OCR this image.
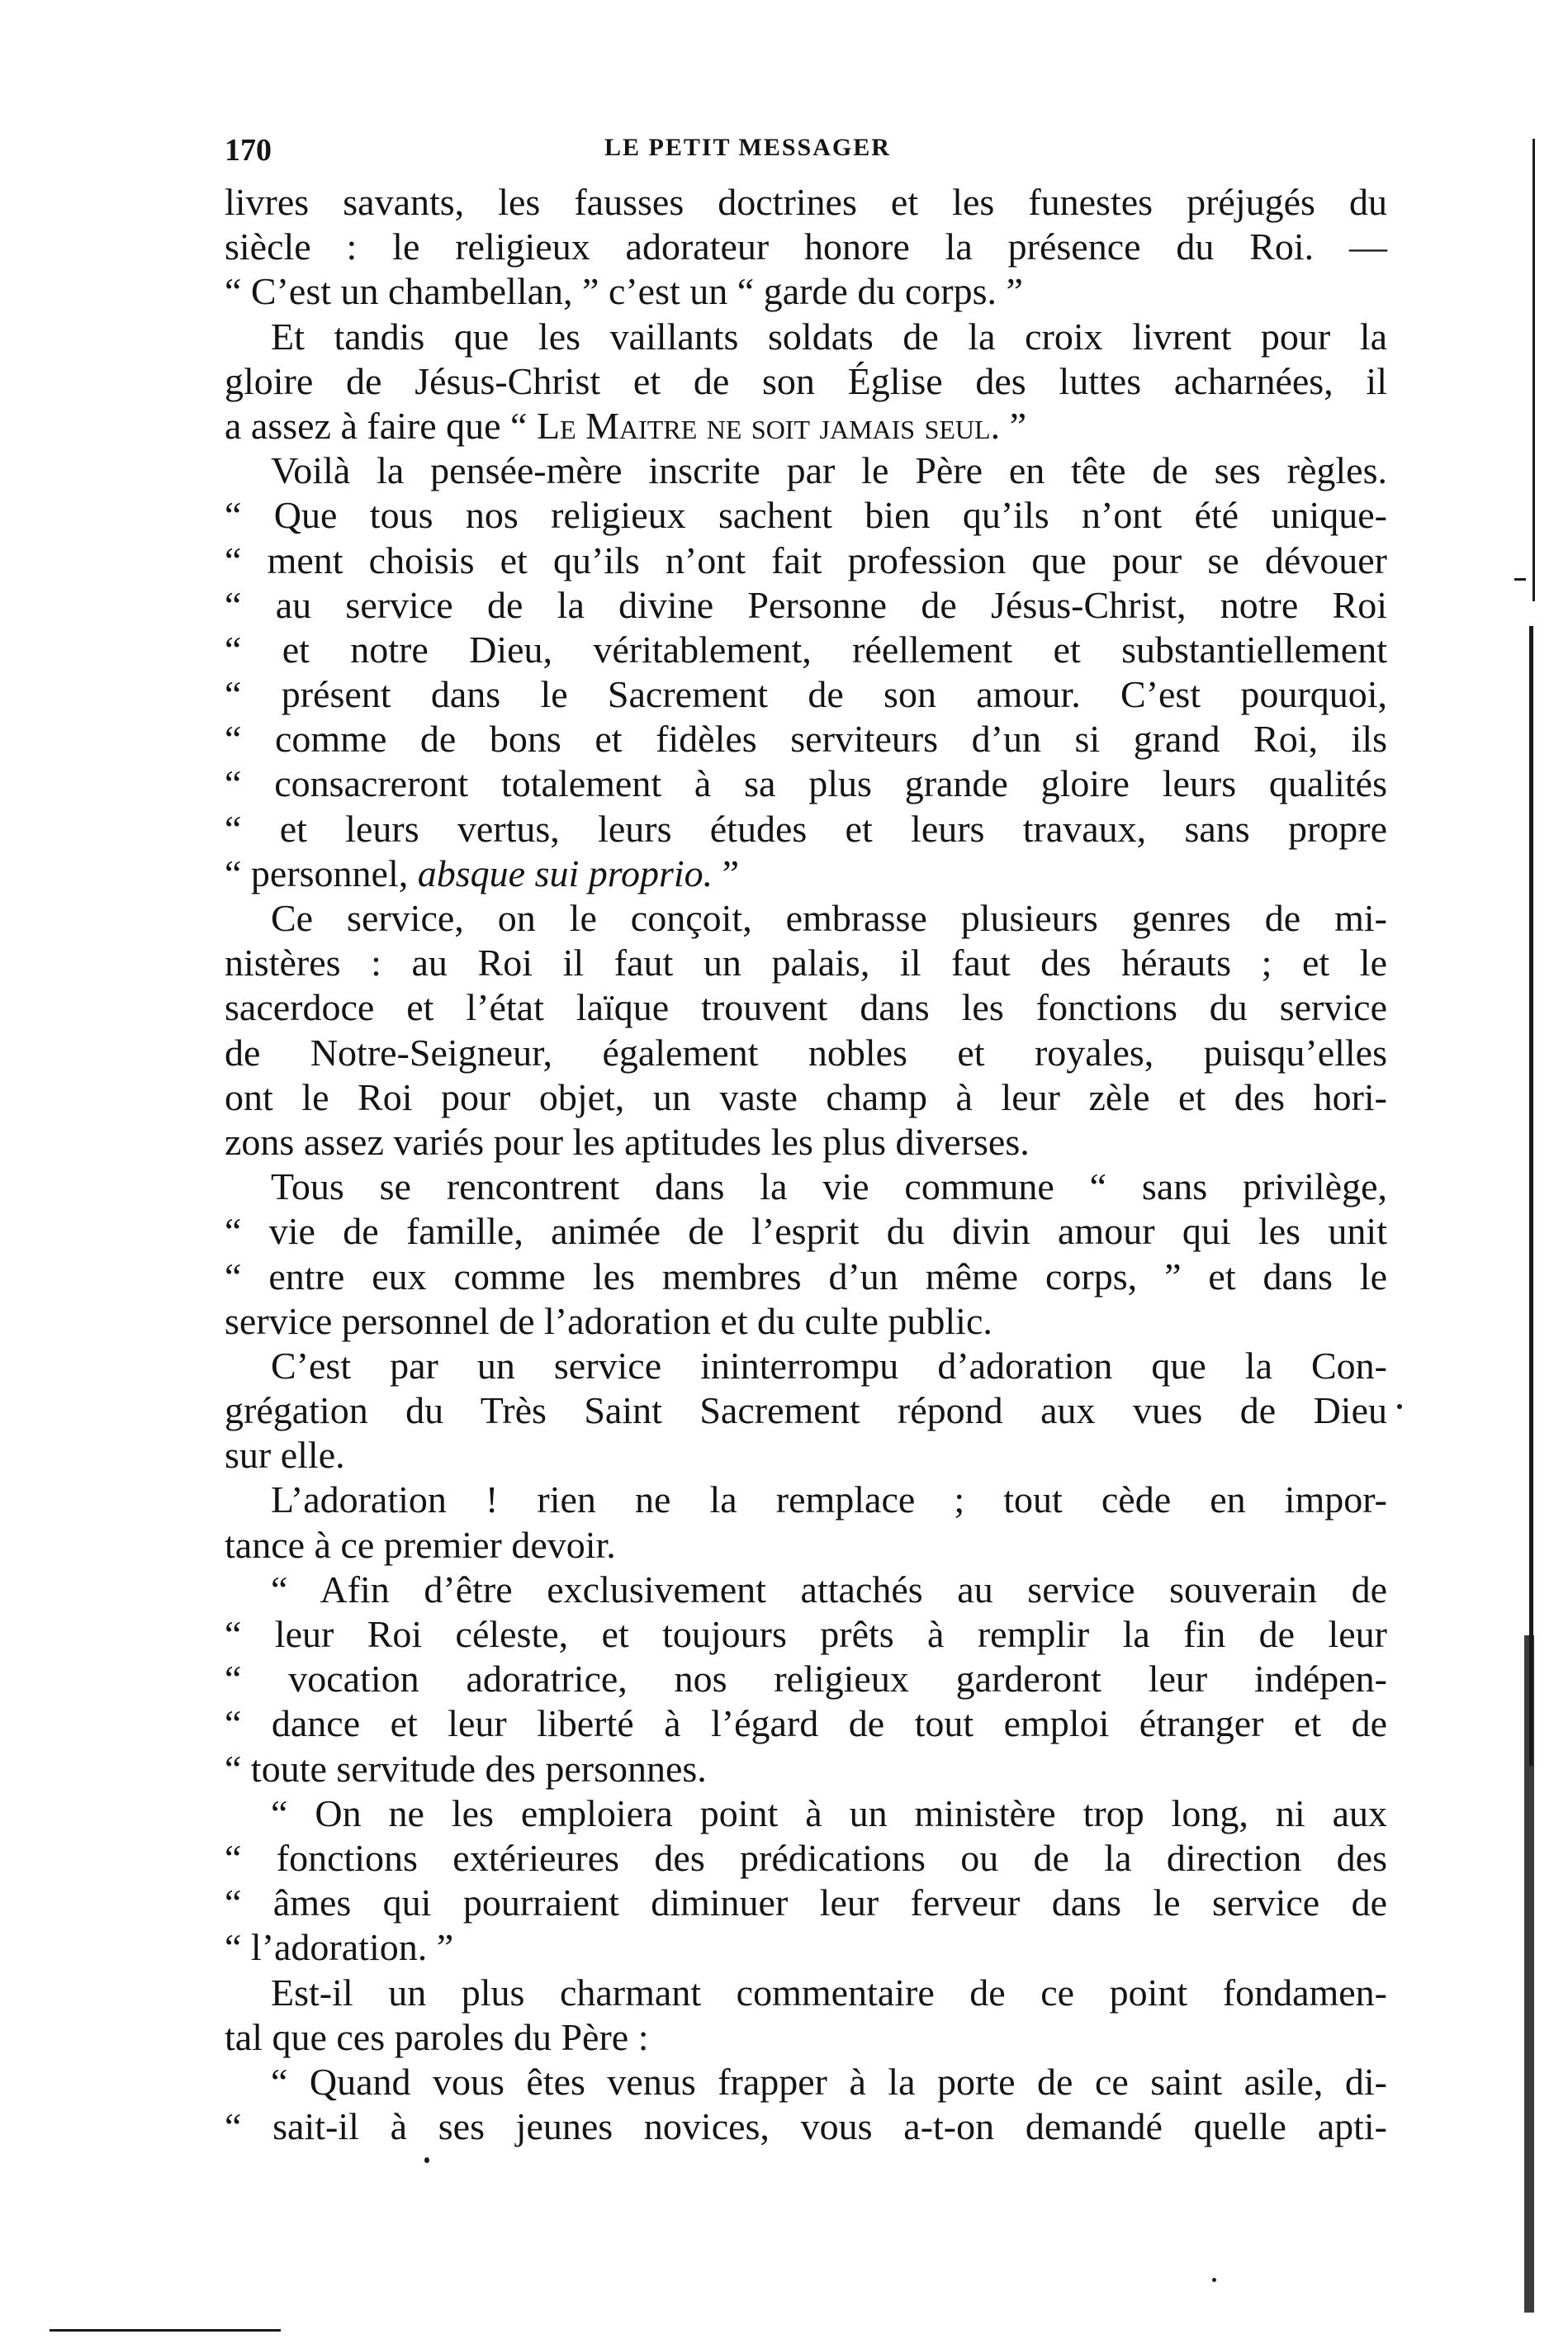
170	LE PETIT MESSAGER
livres savants, les fausses doctrines et les funestes préjugés du
siècle : le religieux adorateur honore la présence du Roi. —
“ C’est un chambellan, ” c’est un “ garde du corps. ”
Et tandis que les vaillants soldats de la croix livrent pour la
gloire de Jésus-Christ et de son Église des luttes acharnées, il
a assez à faire que “ Le Maitre ne soit jamais seul. ”
Voilà la pensée-mère inscrite par le Père en tête de ses règles.
“ Que tous nos religieux sachent bien qu’ils n’ont été unique-
“ ment choisis et qu’ils n’ont fait profession que pour se dévouer
“ au service de la divine Personne de Jésus-Christ, notre Roi
“ et notre Dieu, véritablement, réellement et substantiellement
“ présent dans le Sacrement de son amour. C’est pourquoi,
“ comme de bons et fidèles serviteurs d’un si grand Roi, ils
“ consacreront totalement à sa plus grande gloire leurs qualités
“ et leurs vertus, leurs études et leurs travaux, sans propre
“ personnel, absque sui proprio. ”
Ce service, on le conçoit, embrasse plusieurs genres de mi-
nistères : au Roi il faut un palais, il faut des hérauts ; et le
sacerdoce et l’état laïque trouvent dans les fonctions du service
de Notre-Seigneur, également nobles et royales, puisqu’elles
ont le Roi pour objet, un vaste champ à leur zèle et des hori-
zons assez variés pour les aptitudes les plus diverses.
Tous se rencontrent dans la vie commune “ sans privilège,
“ vie de famille, animée de l’esprit du divin amour qui les unit
“ entre eux comme les membres d’un même corps, ” et dans le
service personnel de l’adoration et du culte public.
C’est par un service ininterrompu d’adoration que la Con-
grégation du Très Saint Sacrement répond aux vues de Dieu
sur elle.
L’adoration ! rien ne la remplace ; tout cède en impor-
tance à ce premier devoir.
“ Afin d’être exclusivement attachés au service souverain de
“ leur Roi céleste, et toujours prêts à remplir la fin de leur
“ vocation adoratrice, nos religieux garderont leur indépen-
“ dance et leur liberté à l’égard de tout emploi étranger et de
“ toute servitude des personnes.
“ On ne les emploiera point à un ministère trop long, ni aux
“ fonctions extérieures des prédications ou de la direction des
“ âmes qui pourraient diminuer leur ferveur dans le service de
“ l’adoration. ”
Est-il un plus charmant commentaire de ce point fondamen-
tal que ces paroles du Père :
“ Quand vous êtes venus frapper à la porte de ce saint asile, di-
“ sait-il à ses jeunes novices, vous a-t-on demandé quelle apti-
